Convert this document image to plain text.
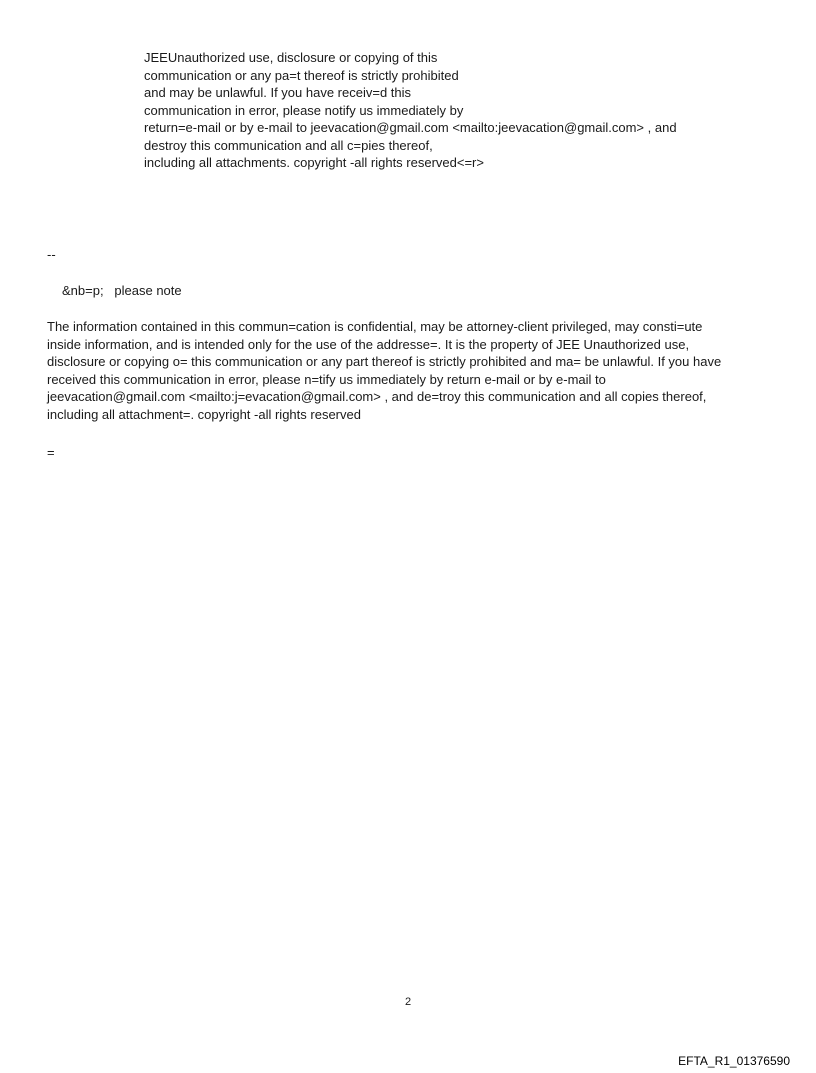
JEEUnauthorized use, disclosure or copying of this
communication or any pa=t thereof is strictly prohibited
and may be unlawful. If you have receiv=d this
communication in error, please notify us immediately by
return=e-mail or by e-mail to jeevacation@gmail.com <mailto:jeevacation@gmail.com> , and
destroy this communication and all c=pies thereof,
including all attachments. copyright -all rights reserved<=r>
--
&nb=p;   please note
The information contained in this commun=cation is confidential, may be attorney-client privileged, may consti=ute
inside information, and is intended only for the use of the addresse=. It is the property of JEE Unauthorized use,
disclosure or copying o= this communication or any part thereof is strictly prohibited and ma= be unlawful. If you have
received this communication in error, please n=tify us immediately by return e-mail or by e-mail to
jeevacation@gmail.com <mailto:j=evacation@gmail.com> , and de=troy this communication and all copies thereof,
including all attachment=. copyright -all rights reserved
=
2
EFTA_R1_01376590
